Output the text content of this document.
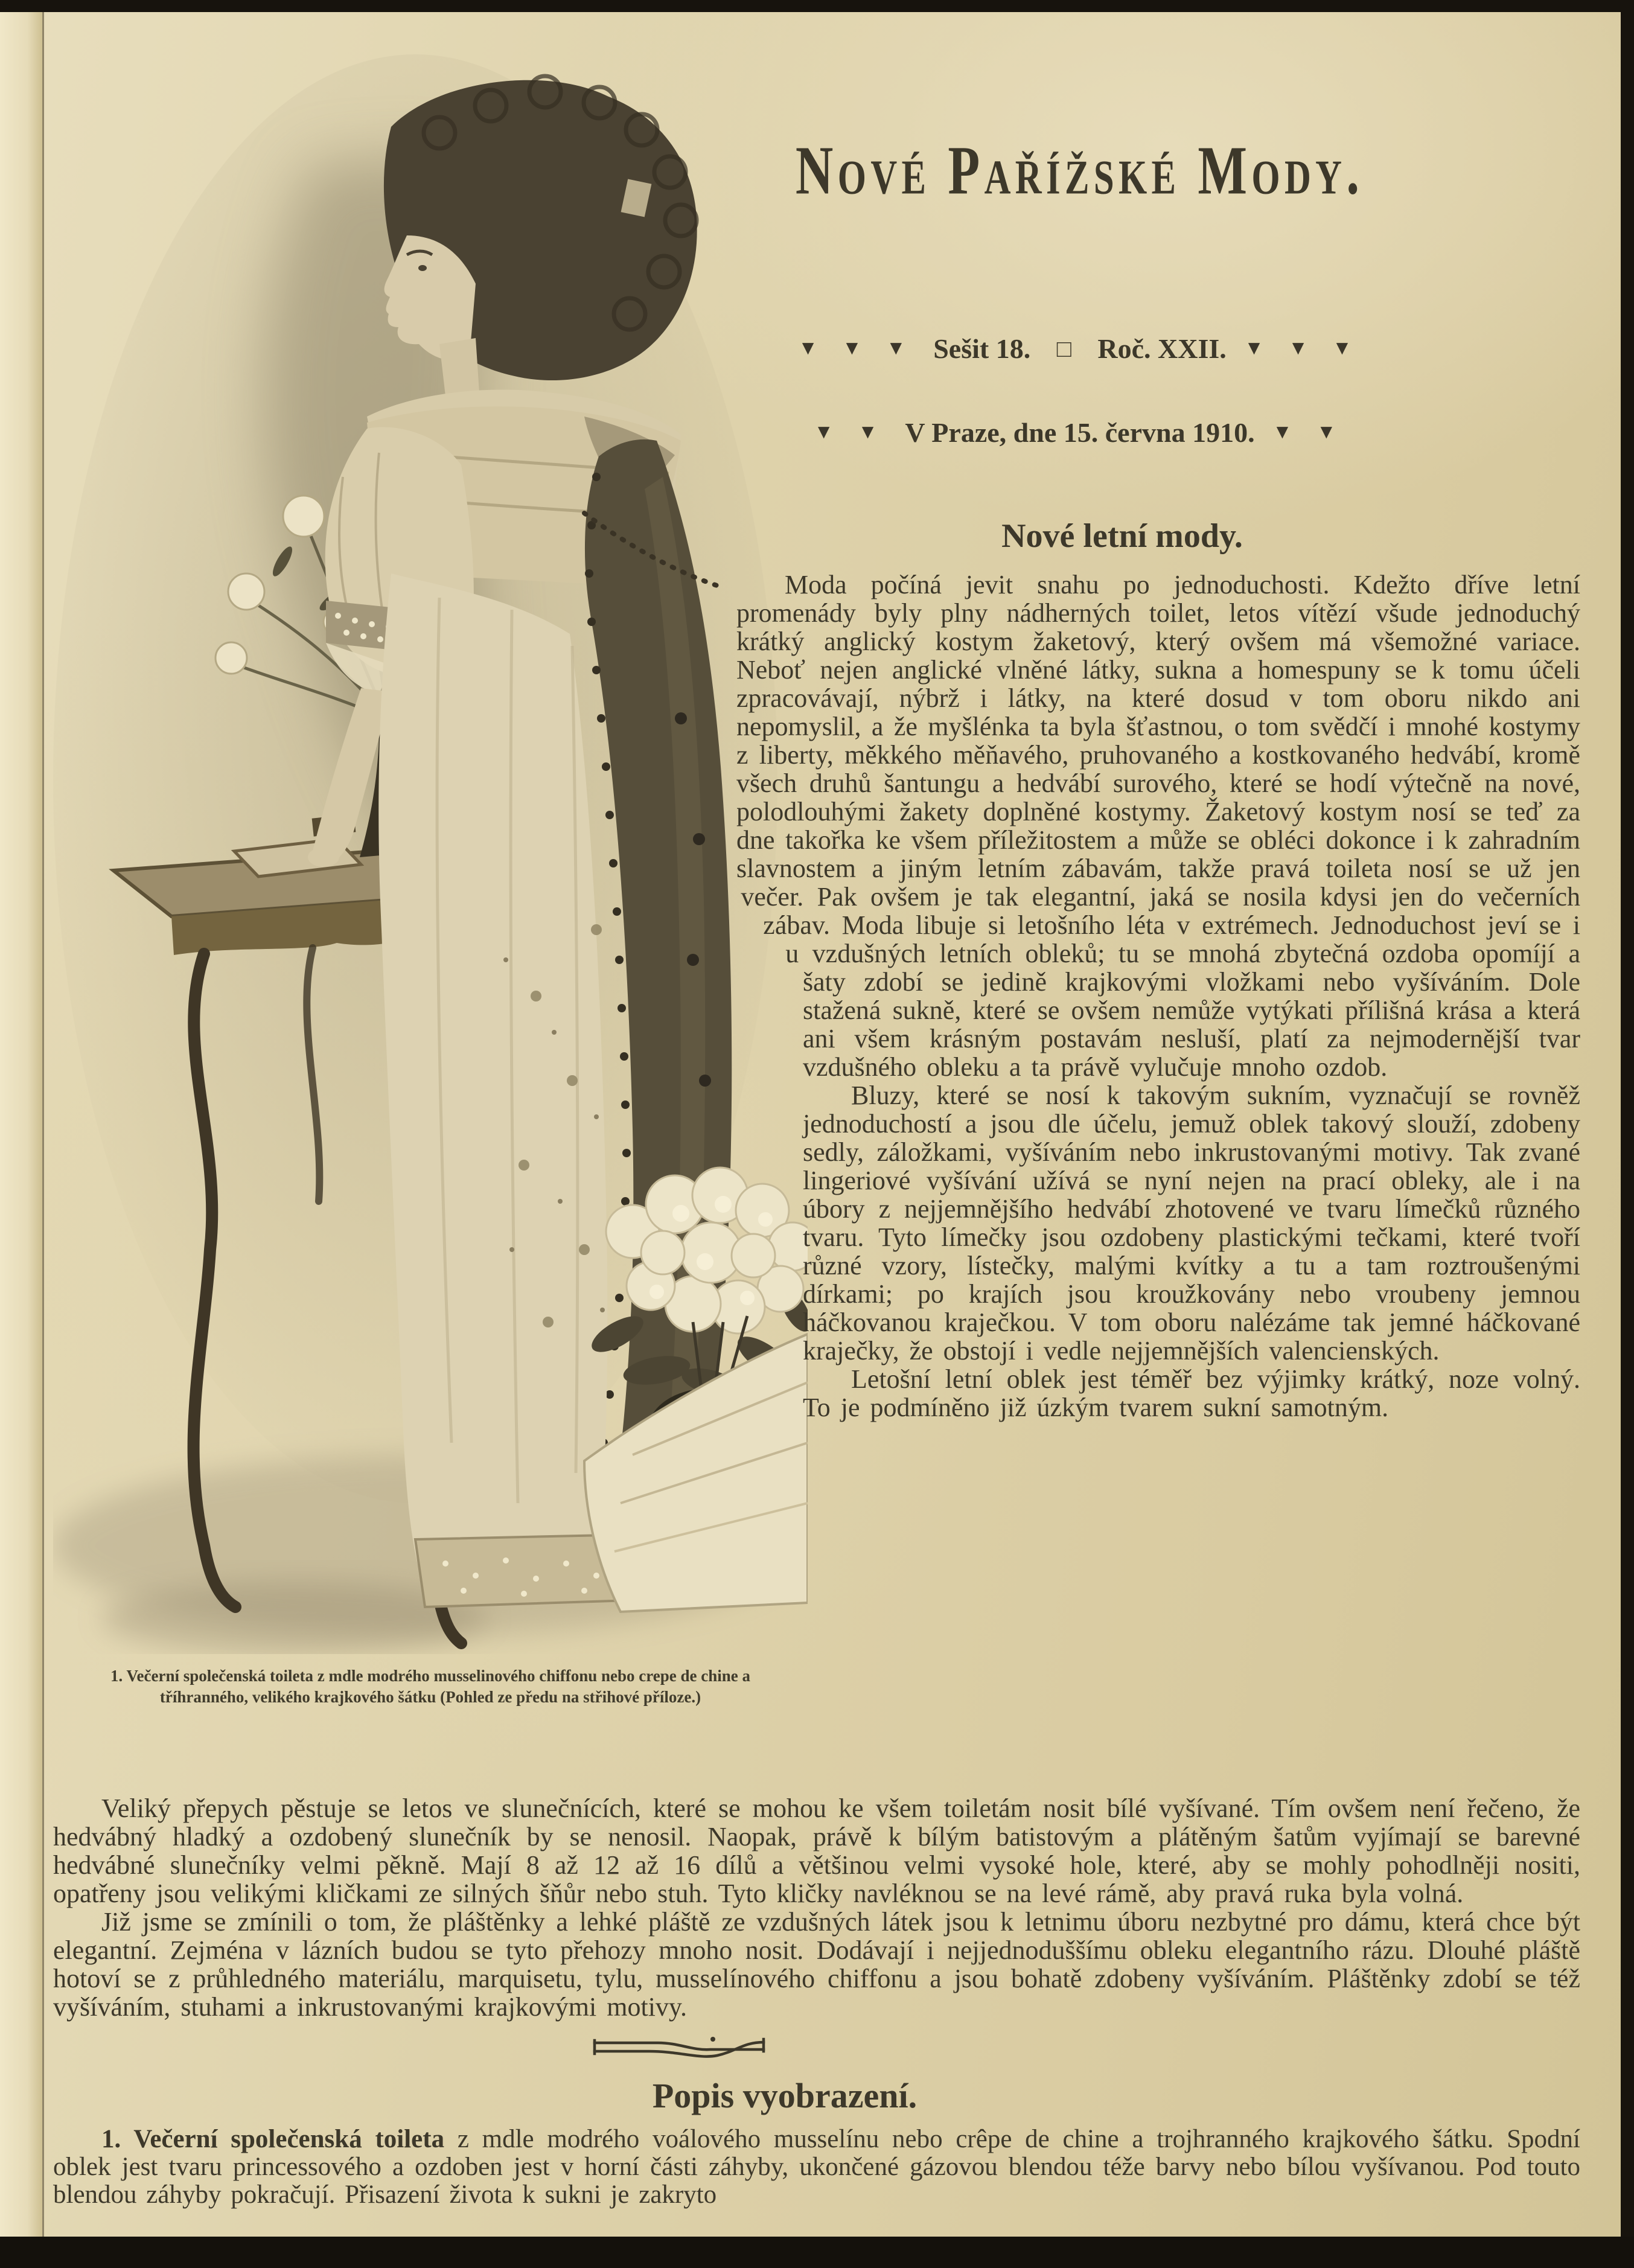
1. Večerní společenská toileta z mdle modrého musselinového chiffonu nebo crepe de chine a tříhranného, velikého krajkového šátku (Pohled ze předu na střihové příloze.)
Nové Pařížské Mody.
▼ ▼ ▼ Sešit 18. □ Roč. XXII. ▼ ▼ ▼
▼ ▼ V Praze, dne 15. června 1910. ▼ ▼
Nové letní mody.

Moda počíná jevit snahu po jednoduchosti. Kdežto dříve letní promenády byly plny nádherných toilet, letos vítězí všude jednoduchý krátký anglický kostym žaketový, který ovšem má všemožné variace. Neboť nejen anglické vlněné látky, sukna a homespuny se k tomu účeli zpracovávají, nýbrž i látky, na které dosud v tom oboru nikdo ani nepomyslil, a že myšlénka ta byla šťastnou, o tom svědčí i mnohé kostymy z liberty, měkkého měňavého, pruhovaného a kostkovaného hedvábí, kromě všech druhů šantungu a hedvábí surového, které se hodí výtečně na nové, polodlouhými žakety doplněné kostymy. Žaketový kostym nosí se teď za dne takořka ke všem příležitostem a může se obléci dokonce i k zahradním slavnostem a jiným letním zábavám, takže pravá toileta nosí se už jen večer. Pak ovšem je tak elegantní, jaká se nosila kdysi jen do večerních zábav. Moda libuje si letošního léta v extrémech. Jednoduchost jeví se i u vzdušných letních obleků; tu se mnohá zbytečná ozdoba opomíjí a šaty zdobí se jedině krajkovými vložkami nebo vyšíváním. Dole stažená sukně, které se ovšem nemůže vytýkati přílišná krása a která ani všem krásným postavám nesluší, platí za nejmodernější tvar vzdušného obleku a ta právě vylučuje mnoho ozdob.

Bluzy, které se nosí k takovým sukním, vyznačují se rovněž jednoduchostí a jsou dle účelu, jemuž oblek takový slouží, zdobeny sedly, záložkami, vyšíváním nebo inkrustovanými motivy. Tak zvané lingeriové vyšívání užívá se nyní nejen na prací obleky, ale i na úbory z nejjemnějšího hedvábí zhotovené ve tvaru límečků různého tvaru. Tyto límečky jsou ozdobeny plastickými tečkami, které tvoří různé vzory, lístečky, malými kvítky a tu a tam roztroušenými dírkami; po krajích jsou kroužkovány nebo vroubeny jemnou háčkovanou kraječkou. V tom oboru nalézáme tak jemné háčkované kraječky, že obstojí i vedle nejjemnějších valencienských.

Letošní letní oblek jest téměř bez výjimky krátký, noze volný. To je podmíněno již úzkým tvarem sukní samotným.

Veliký přepych pěstuje se letos ve slunečnících, které se mohou ke všem toiletám nosit bílé vyšívané. Tím ovšem není řečeno, že hedvábný hladký a ozdobený slunečník by se nenosil. Naopak, právě k bílým batistovým a plátěným šatům vyjímají se barevné hedvábné slunečníky velmi pěkně. Mají 8 až 12 až 16 dílů a většinou velmi vysoké hole, které, aby se mohly pohodlněji nositi, opatřeny jsou velikými kličkami ze silných šňůr nebo stuh. Tyto kličky navléknou se na levé rámě, aby pravá ruka byla volná.

Již jsme se zmínili o tom, že pláštěnky a lehké pláště ze vzdušných látek jsou k letnimu úboru nezbytné pro dámu, která chce být elegantní. Zejména v lázních budou se tyto přehozy mnoho nosit. Dodávají i nejjednoduššímu obleku elegantního rázu. Dlouhé pláště hotoví se z průhledného materiálu, marquisetu, tylu, musselínového chiffonu a jsou bohatě zdobeny vyšíváním. Pláštěnky zdobí se též vyšíváním, stuhami a inkrustovanými krajkovými motivy.

Popis vyobrazení.

1. Večerní společenská toileta z mdle modrého voálového musselínu nebo crêpe de chine a trojhranného krajkového šátku. Spodní oblek jest tvaru princessového a ozdoben jest v horní části záhyby, ukončené gázovou blendou téže barvy nebo bílou vyšívanou. Pod touto blendou záhyby pokračují. Přisazení života k sukni je zakryto
